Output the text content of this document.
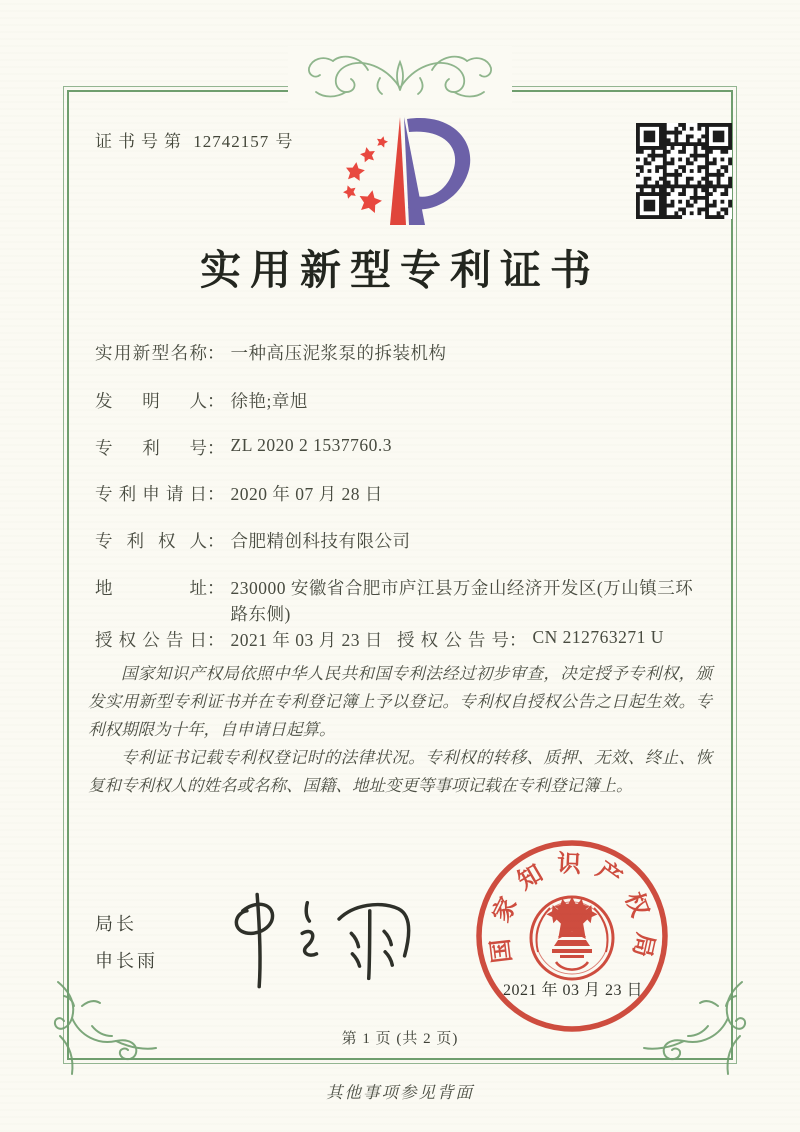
证书号第 12742157 号
实用新型专利证书
实用新型名称： 一种高压泥浆泵的拆装机构
发明人： 徐艳;章旭
专利号： ZL 2020 2 1537760.3
专利申请日： 2020 年 07 月 28 日
专利权人： 合肥精创科技有限公司
地址： 230000 安徽省合肥市庐江县万金山经济开发区(万山镇三环路东侧)
授权公告日： 2021 年 03 月 23 日 授权公告号： CN 212763271 U

国家知识产权局依照中华人民共和国专利法经过初步审查，决定授予专利权，颁发实用新型专利证书并在专利登记簿上予以登记。专利权自授权公告之日起生效。专利权期限为十年，自申请日起算。

专利证书记载专利权登记时的法律状况。专利权的转移、质押、无效、终止、恢复和专利权人的姓名或名称、国籍、地址变更等事项记载在专利登记簿上。

局长
申长雨	国家知识产权局
2021 年 03 月 23 日
第 1 页 (共 2 页)
其他事项参见背面
